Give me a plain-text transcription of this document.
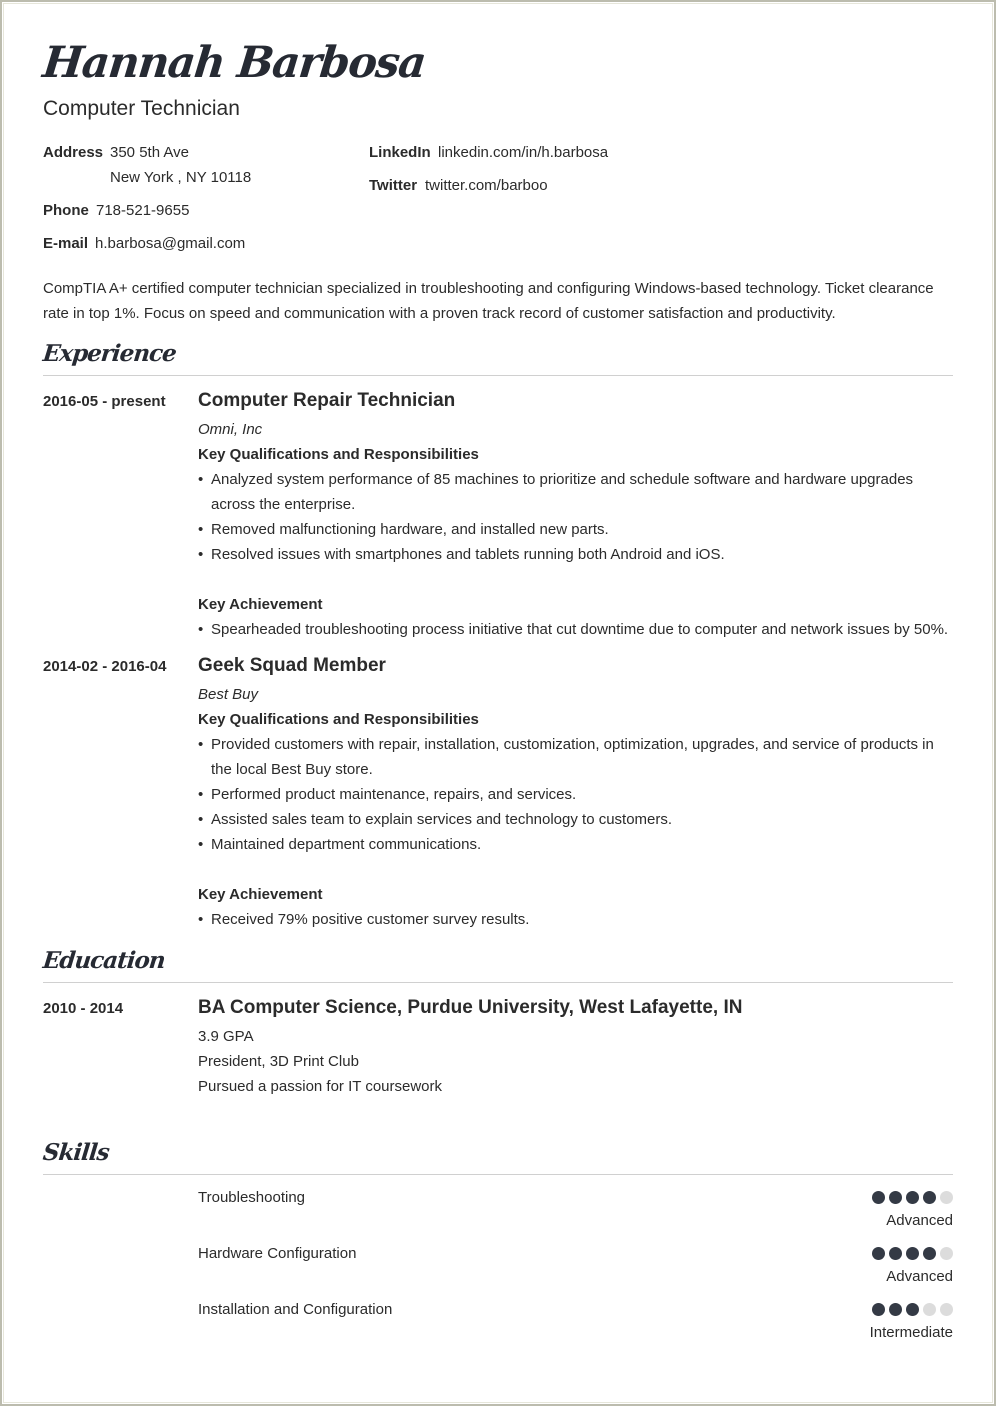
Hannah Barbosa
Computer Technician
Address 350 5th Ave
New York , NY 10118
Phone 718-521-9655
E-mail h.barbosa@gmail.com
LinkedIn linkedin.com/in/h.barbosa
Twitter twitter.com/barboo
CompTIA A+ certified computer technician specialized in troubleshooting and configuring Windows-based technology. Ticket clearance rate in top 1%. Focus on speed and communication with a proven track record of customer satisfaction and productivity.
Experience
2016-05 - present Computer Repair Technician
Omni, Inc
Key Qualifications and Responsibilities
• Analyzed system performance of 85 machines to prioritize and schedule software and hardware upgrades across the enterprise.
• Removed malfunctioning hardware, and installed new parts.
• Resolved issues with smartphones and tablets running both Android and iOS.
Key Achievement
• Spearheaded troubleshooting process initiative that cut downtime due to computer and network issues by 50%.
2014-02 - 2016-04 Geek Squad Member
Best Buy
Key Qualifications and Responsibilities
• Provided customers with repair, installation, customization, optimization, upgrades, and service of products in the local Best Buy store.
• Performed product maintenance, repairs, and services.
• Assisted sales team to explain services and technology to customers.
• Maintained department communications.
Key Achievement
• Received 79% positive customer survey results.
Education
2010 - 2014	BA Computer Science, Purdue University, West Lafayette, IN
3.9 GPA
President, 3D Print Club
Pursued a passion for IT coursework
Skills
Troubleshooting
Advanced
Hardware Configuration
Advanced
Installation and Configuration
Intermediate
